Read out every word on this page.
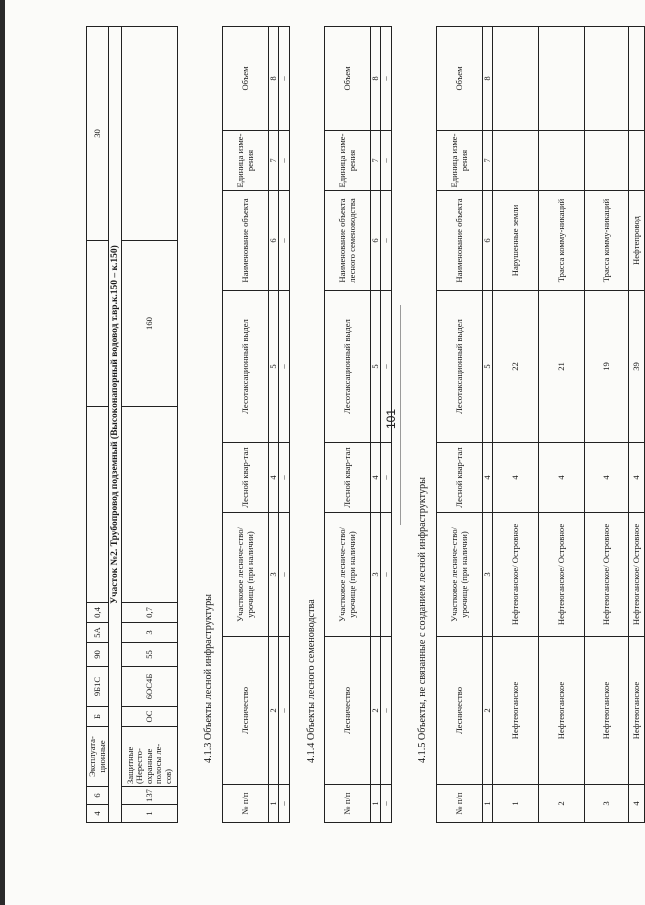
101
4	6	Эксплуата-ционные	Б	9Б1С	90	5А	0,4			30
Участок №2. Трубопровод подземный (Высоконапорный водовод т.вр.к.150 – к.150)										
1	137	Защитные (Нересто-охранные полосы ле-сов)	ОС	6ОС4Б	55	3	0,7		160	
4.1.3 Объекты лесной инфраструктуры
№ п/п	Лесничество	Участковое лесниче-ство/урочище (при наличии)	Лесной квар-тал	Лесотаксационный выдел	Наименование объекта	Единица изме-рения	Объем
1	2	3	4	5	6	7	8
–	–	–	–	–	–	–	–
4.1.4 Объекты лесного семеноводства
№ п/п	Лесничество	Участковое лесниче-ство/урочище (при наличии)	Лесной квар-тал	Лесотаксационный выдел	Наименование объекта лесного семеноводства	Единица изме-рения	Объем
1	2	3	4	5	6	7	8
–	–	–	–	–	–	–	–
4.1.5 Объекты, не связанные с созданием лесной инфраструктуры
№ п/п	Лесничество	Участковое лесниче-ство/урочище (при наличии)	Лесной квар-тал	Лесотаксационный выдел	Наименование объекта	Единица изме-рения	Объем
1	2	3	4	5	6	7	8
1	Нефтеюганское	Нефтеюганское/ Островное	4	22	Нарушенные земли		
2	Нефтеюганское	Нефтеюганское/ Островное	4	21	Трасса комму-никаций		
3	Нефтеюганское	Нефтеюганское/ Островное	4	19	Трасса комму-никаций		
4	Нефтеюганское	Нефтеюганское/ Островное	4	39	Нефтепровод		
